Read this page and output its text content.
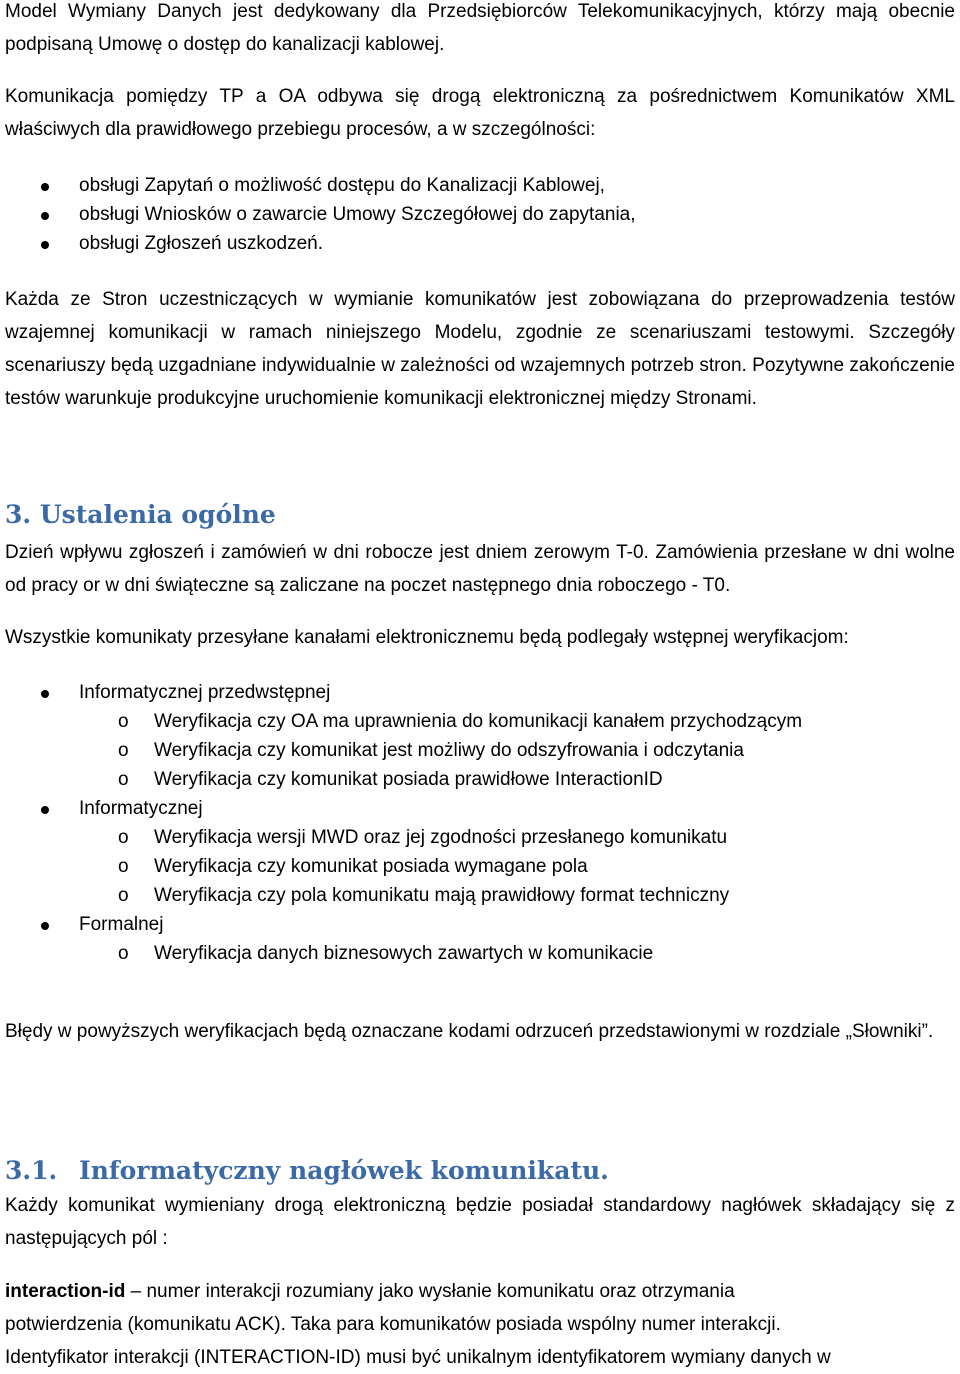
Model Wymiany Danych jest dedykowany dla Przedsiębiorców Telekomunikacyjnych, którzy mają obecnie podpisaną Umowę o dostęp do kanalizacji kablowej.

Komunikacja pomiędzy TP a OA odbywa się drogą elektroniczną za pośrednictwem Komunikatów XML właściwych dla prawidłowego przebiegu procesów, a w szczególności:

obsługi Zapytań o możliwość dostępu do Kanalizacji Kablowej,
obsługi Wniosków o zawarcie Umowy Szczegółowej do zapytania,
obsługi Zgłoszeń uszkodzeń.

Każda ze Stron uczestniczących w wymianie komunikatów jest zobowiązana do przeprowadzenia testów wzajemnej komunikacji w ramach niniejszego Modelu, zgodnie ze scenariuszami testowymi. Szczegóły scenariuszy będą uzgadniane indywidualnie w zależności od wzajemnych potrzeb stron. Pozytywne zakończenie testów warunkuje produkcyjne uruchomienie komunikacji elektronicznej między Stronami.

3. Ustalenia ogólne

Dzień wpływu zgłoszeń i zamówień w dni robocze jest dniem zerowym T-0. Zamówienia przesłane w dni wolne od pracy or w dni świąteczne są zaliczane na poczet następnego dnia roboczego - T0.

Wszystkie komunikaty przesyłane kanałami elektronicznemu będą podlegały wstępnej weryfikacjom:

Informatycznej przedwstępnej
o Weryfikacja czy OA ma uprawnienia do komunikacji kanałem przychodzącym
o Weryfikacja czy komunikat jest możliwy do odszyfrowania i odczytania
o Weryfikacja czy komunikat posiada prawidłowe InteractionID
Informatycznej
o Weryfikacja wersji MWD oraz jej zgodności przesłanego komunikatu
o Weryfikacja czy komunikat posiada wymagane pola
o Weryfikacja czy pola komunikatu mają prawidłowy format techniczny
Formalnej
o Weryfikacja danych biznesowych zawartych w komunikacie

Błędy w powyższych weryfikacjach będą oznaczane kodami odrzuceń przedstawionymi w rozdziale „Słowniki”.

3.1. Informatyczny nagłówek komunikatu.

Każdy komunikat wymieniany drogą elektroniczną będzie posiadał standardowy nagłówek składający się z następujących pól :

interaction-id – numer interakcji rozumiany jako wysłanie komunikatu oraz otrzymania

potwierdzenia (komunikatu ACK). Taka para komunikatów posiada wspólny numer interakcji.

Identyfikator interakcji (INTERACTION-ID) musi być unikalnym identyfikatorem wymiany danych w
